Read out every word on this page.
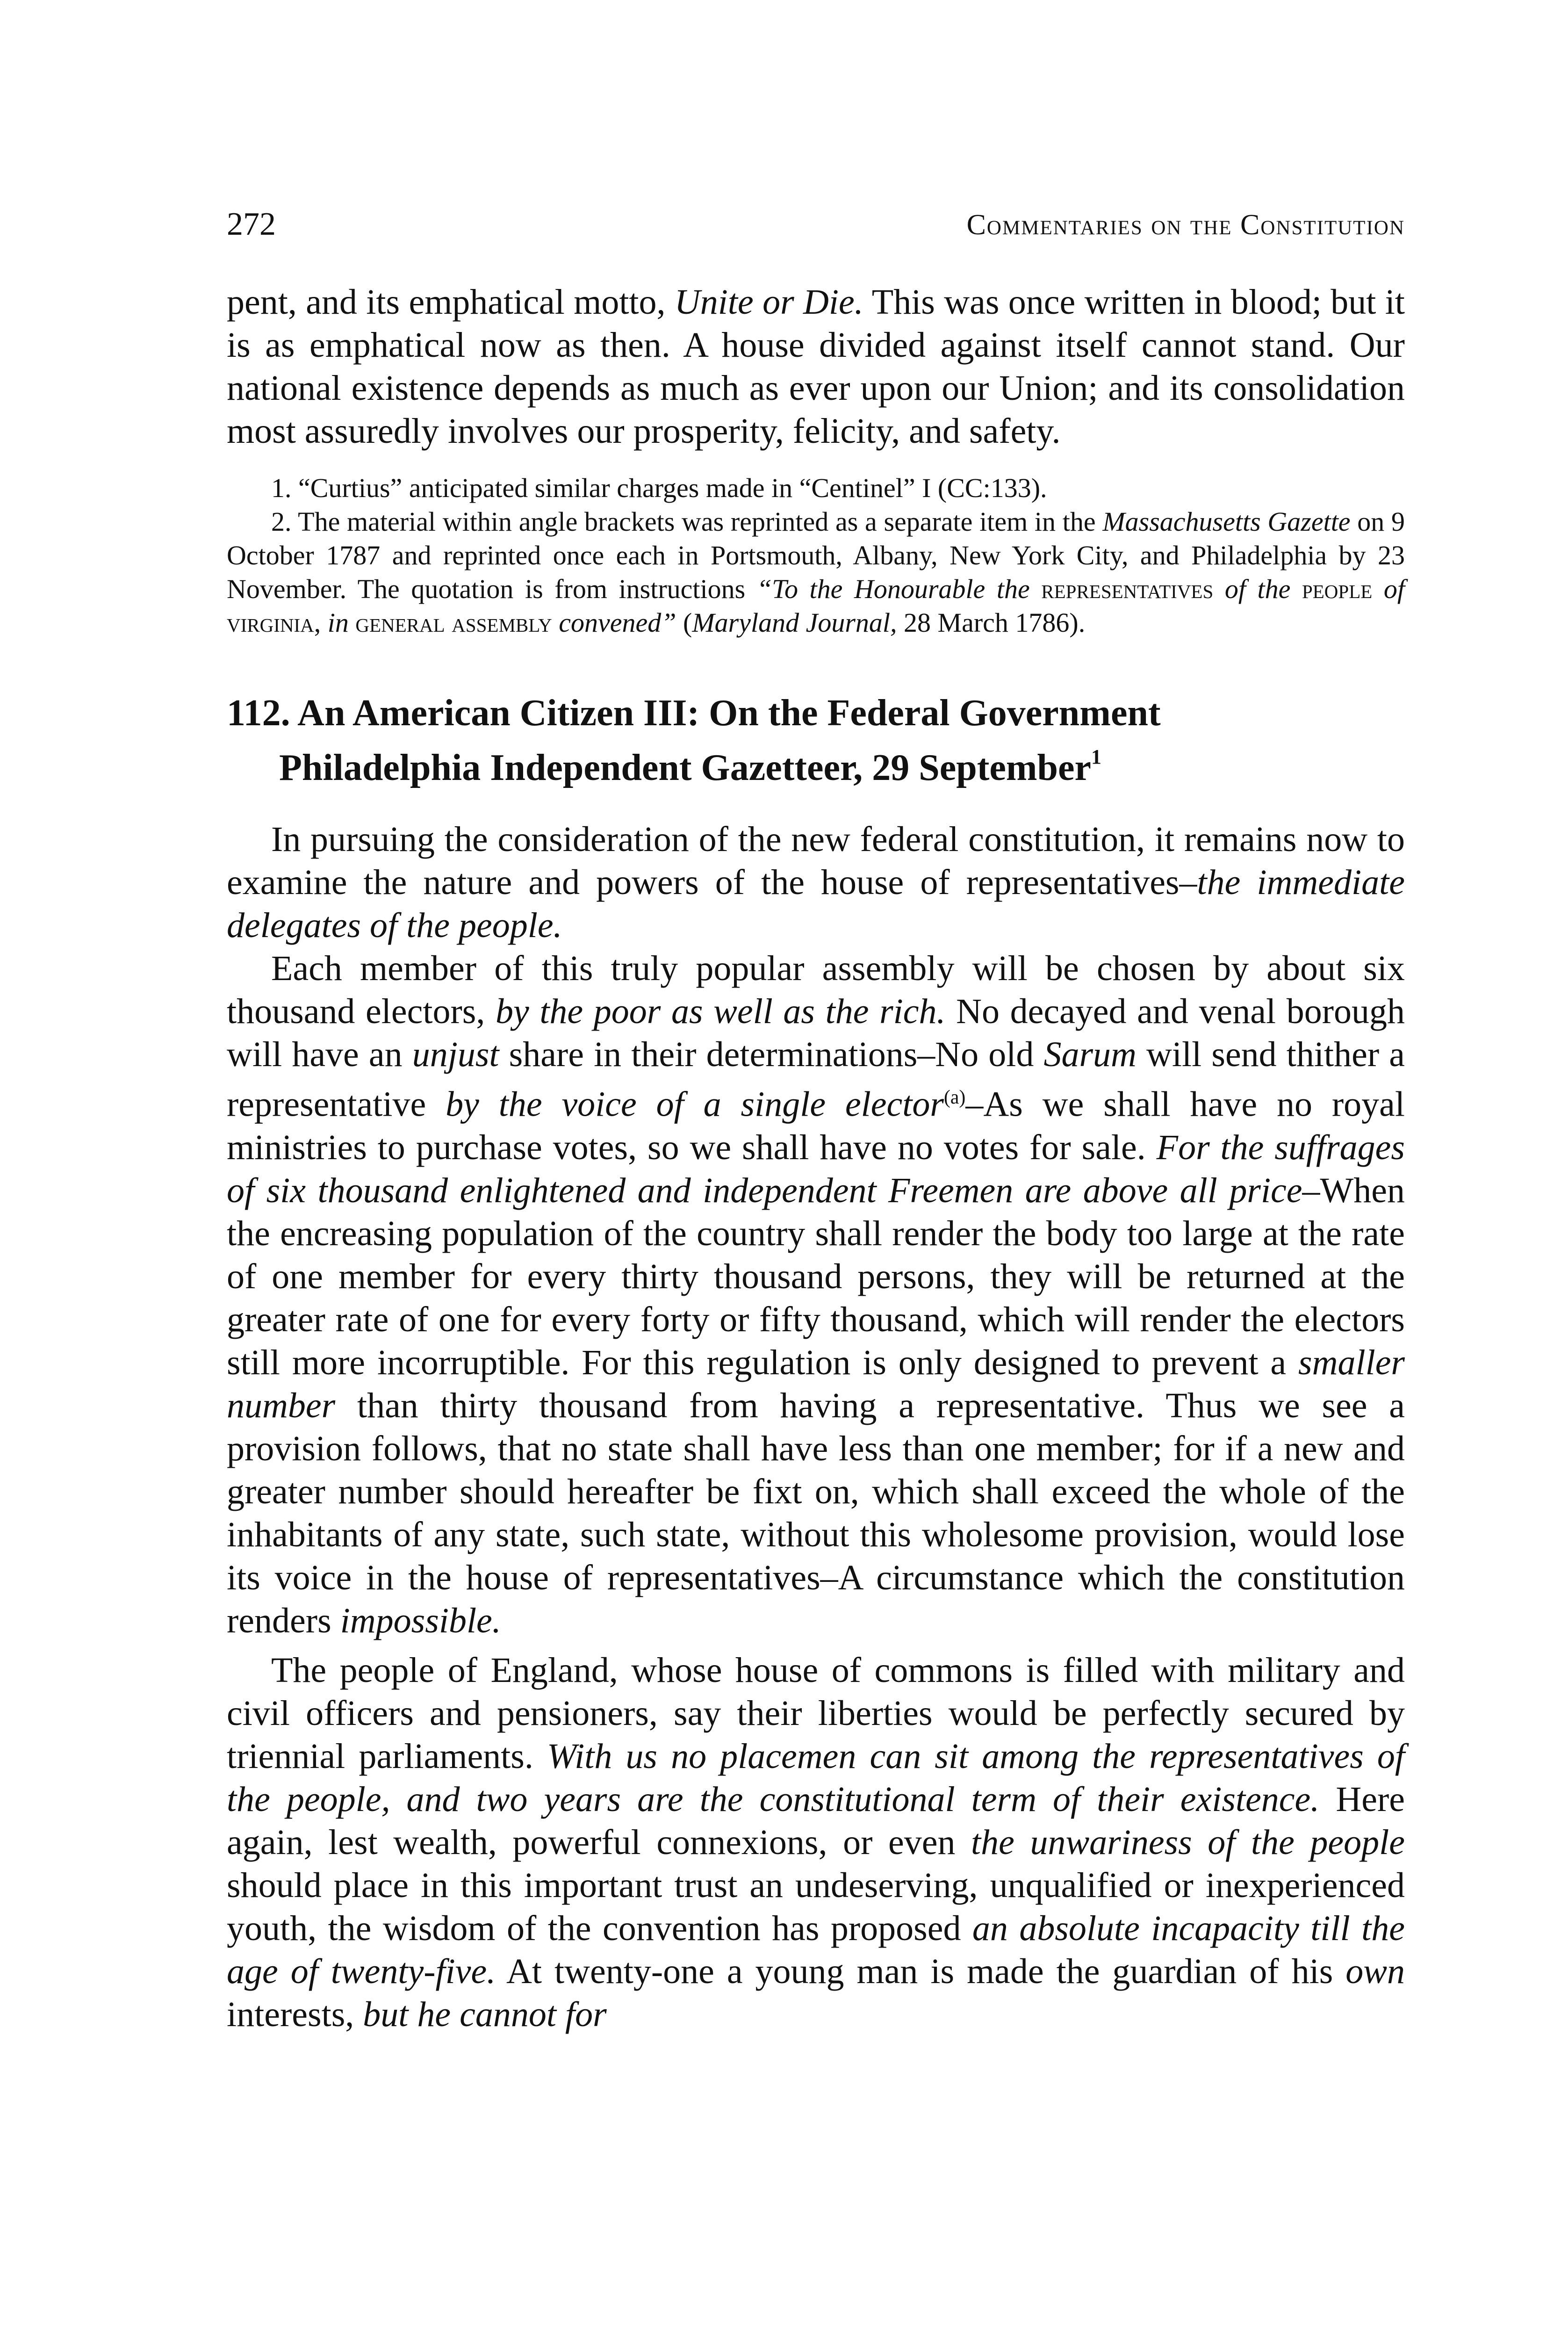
272	Commentaries on the Constitution

pent, and its emphatical motto, Unite or Die. This was once written in blood; but it is as emphatical now as then. A house divided against itself cannot stand. Our national existence depends as much as ever upon our Union; and its consolidation most assuredly involves our prosperity, felicity, and safety.

1. “Curtius” anticipated similar charges made in “Centinel” I (CC:133).

2. The material within angle brackets was reprinted as a separate item in the Massachusetts Gazette on 9 October 1787 and reprinted once each in Portsmouth, Albany, New York City, and Philadelphia by 23 November. The quotation is from instructions “To the Honourable the representatives of the people of virginia, in general assembly convened” (Maryland Journal, 28 March 1786).

112. An American Citizen III: On the Federal Government
Philadelphia Independent Gazetteer, 29 September$^1$

In pursuing the consideration of the new federal constitution, it remains now to examine the nature and powers of the house of representatives–the immediate delegates of the people.

Each member of this truly popular assembly will be chosen by about six thousand electors, by the poor as well as the rich. No decayed and venal borough will have an unjust share in their determinations–No old Sarum will send thither a representative by the voice of a single elector$^{(a)}$–As we shall have no royal ministries to purchase votes, so we shall have no votes for sale. For the suffrages of six thousand enlightened and independent Freemen are above all price–When the encreasing population of the country shall render the body too large at the rate of one member for every thirty thousand persons, they will be returned at the greater rate of one for every forty or fifty thousand, which will render the electors still more incorruptible. For this regulation is only designed to prevent a smaller number than thirty thousand from having a representative. Thus we see a provision follows, that no state shall have less than one member; for if a new and greater number should hereafter be fixt on, which shall exceed the whole of the inhabitants of any state, such state, without this wholesome provision, would lose its voice in the house of representatives–A circumstance which the constitution renders impossible.

The people of England, whose house of commons is filled with military and civil officers and pensioners, say their liberties would be perfectly secured by triennial parliaments. With us no placemen can sit among the representatives of the people, and two years are the constitutional term of their existence. Here again, lest wealth, powerful connexions, or even the unwariness of the people should place in this important trust an undeserving, unqualified or inexperienced youth, the wisdom of the convention has proposed an absolute incapacity till the age of twenty-five. At twenty-one a young man is made the guardian of his own interests, but he cannot for
